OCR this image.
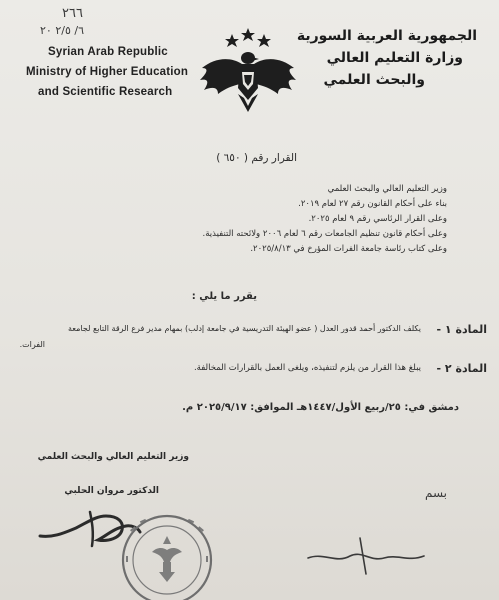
٢٦٦
٦/ ٢/٥ ٢٠
Syrian Arab Republic
Ministry of Higher Education
and Scientific Research
الجمهورية العربية السورية
وزارة التعليم العالي
والبحث العلمي
القرار رقم ( ٦٥٠ )
وزير التعليم العالي والبحث العلمي
بناء على أحكام القانون رقم ٢٧ لعام ٢٠١٩.
وعلى القرار الرئاسي رقم ٩ لعام ٢٠٢٥.
وعلى أحكام قانون تنظيم الجامعات رقم ٦ لعام ٢٠٠٦ ولائحته التنفيذية.
وعلى كتاب رئاسة جامعة الفرات المؤرخ في ٢٠٢٥/٨/١٣.
يقرر ما يلي :
المادة ١ -
يكلف الدكتور أحمد قدور العدل ( عضو الهيئة التدريسية في جامعة إدلب) بمهام مدير فرع الرقة التابع لجامعة
الفرات.
المادة ٢ -
يبلغ هذا القرار من يلزم لتنفيذه، ويلغى العمل بالقرارات المخالفة.
دمشق في: ٢٥/ربيع الأول/١٤٤٧هـ الموافق: ٢٠٢٥/٩/١٧ م.
وزير التعليم العالي والبحث العلمي
الدكتور مروان الحلبي	بسم
